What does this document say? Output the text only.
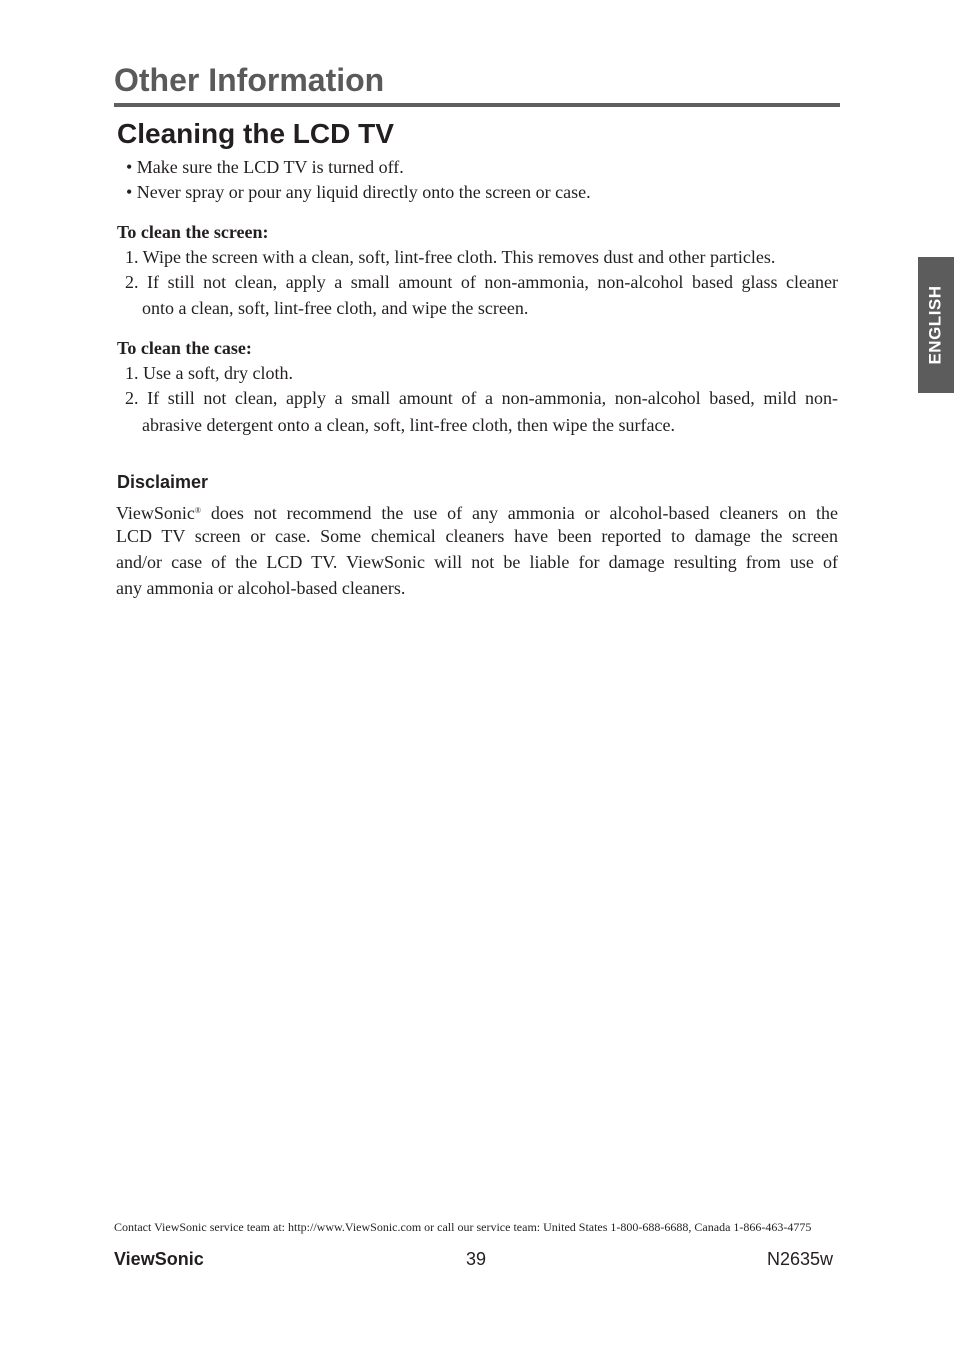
Other Information
Cleaning the LCD TV
• Make sure the LCD TV is turned off.
• Never spray or pour any liquid directly onto the screen or case.
To clean the screen:
1. Wipe the screen with a clean, soft, lint-free cloth. This removes dust and other particles.
2. If still not clean, apply a small amount of non-ammonia, non-alcohol based glass cleaner
onto a clean, soft, lint-free cloth, and wipe the screen.
To clean the case:
1. Use a soft, dry cloth.
2. If still not clean, apply a small amount of a non-ammonia, non-alcohol based, mild non-
abrasive detergent onto a clean, soft, lint-free cloth, then wipe the surface.
Disclaimer
ViewSonic® does not recommend the use of any ammonia or alcohol-based cleaners on the
LCD TV screen or case. Some chemical cleaners have been reported to damage the screen
and/or case of the LCD TV. ViewSonic will not be liable for damage resulting from use of
any ammonia or alcohol-based cleaners.
ENGLISH
Contact ViewSonic service team at: http://www.ViewSonic.com or call our service team: United States 1-800-688-6688, Canada 1-866-463-4775
ViewSonic	39	N2635w
